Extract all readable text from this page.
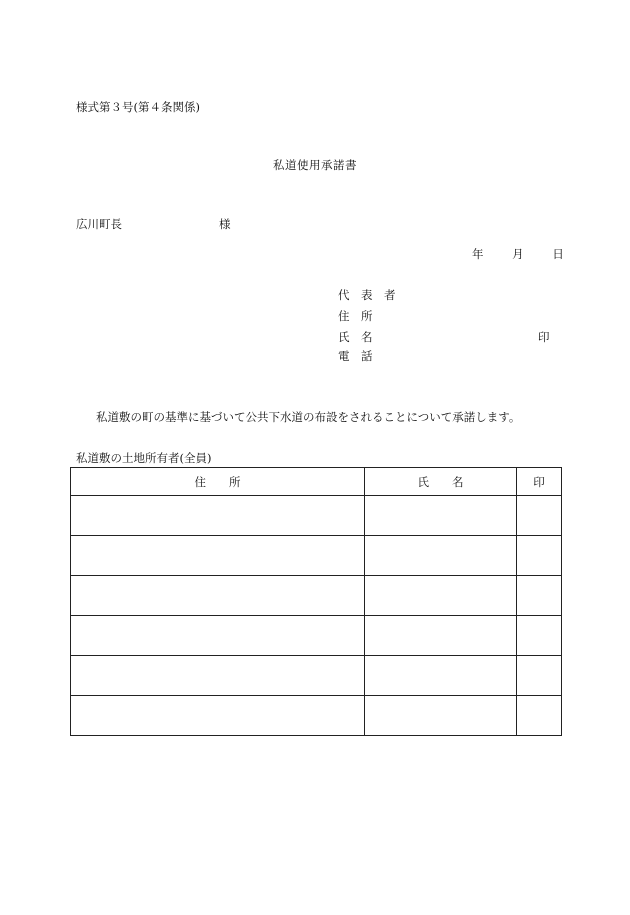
様式第３号(第４条関係)
私道使用承諾書
広川町長	様
年 月 日
代　表　者
住　所
氏　名	印
電　話
私道敷の町の基準に基づいて公共下水道の布設をされることについて承諾します。
私道敷の土地所有者(全員)
住　　所	氏　　名	印
